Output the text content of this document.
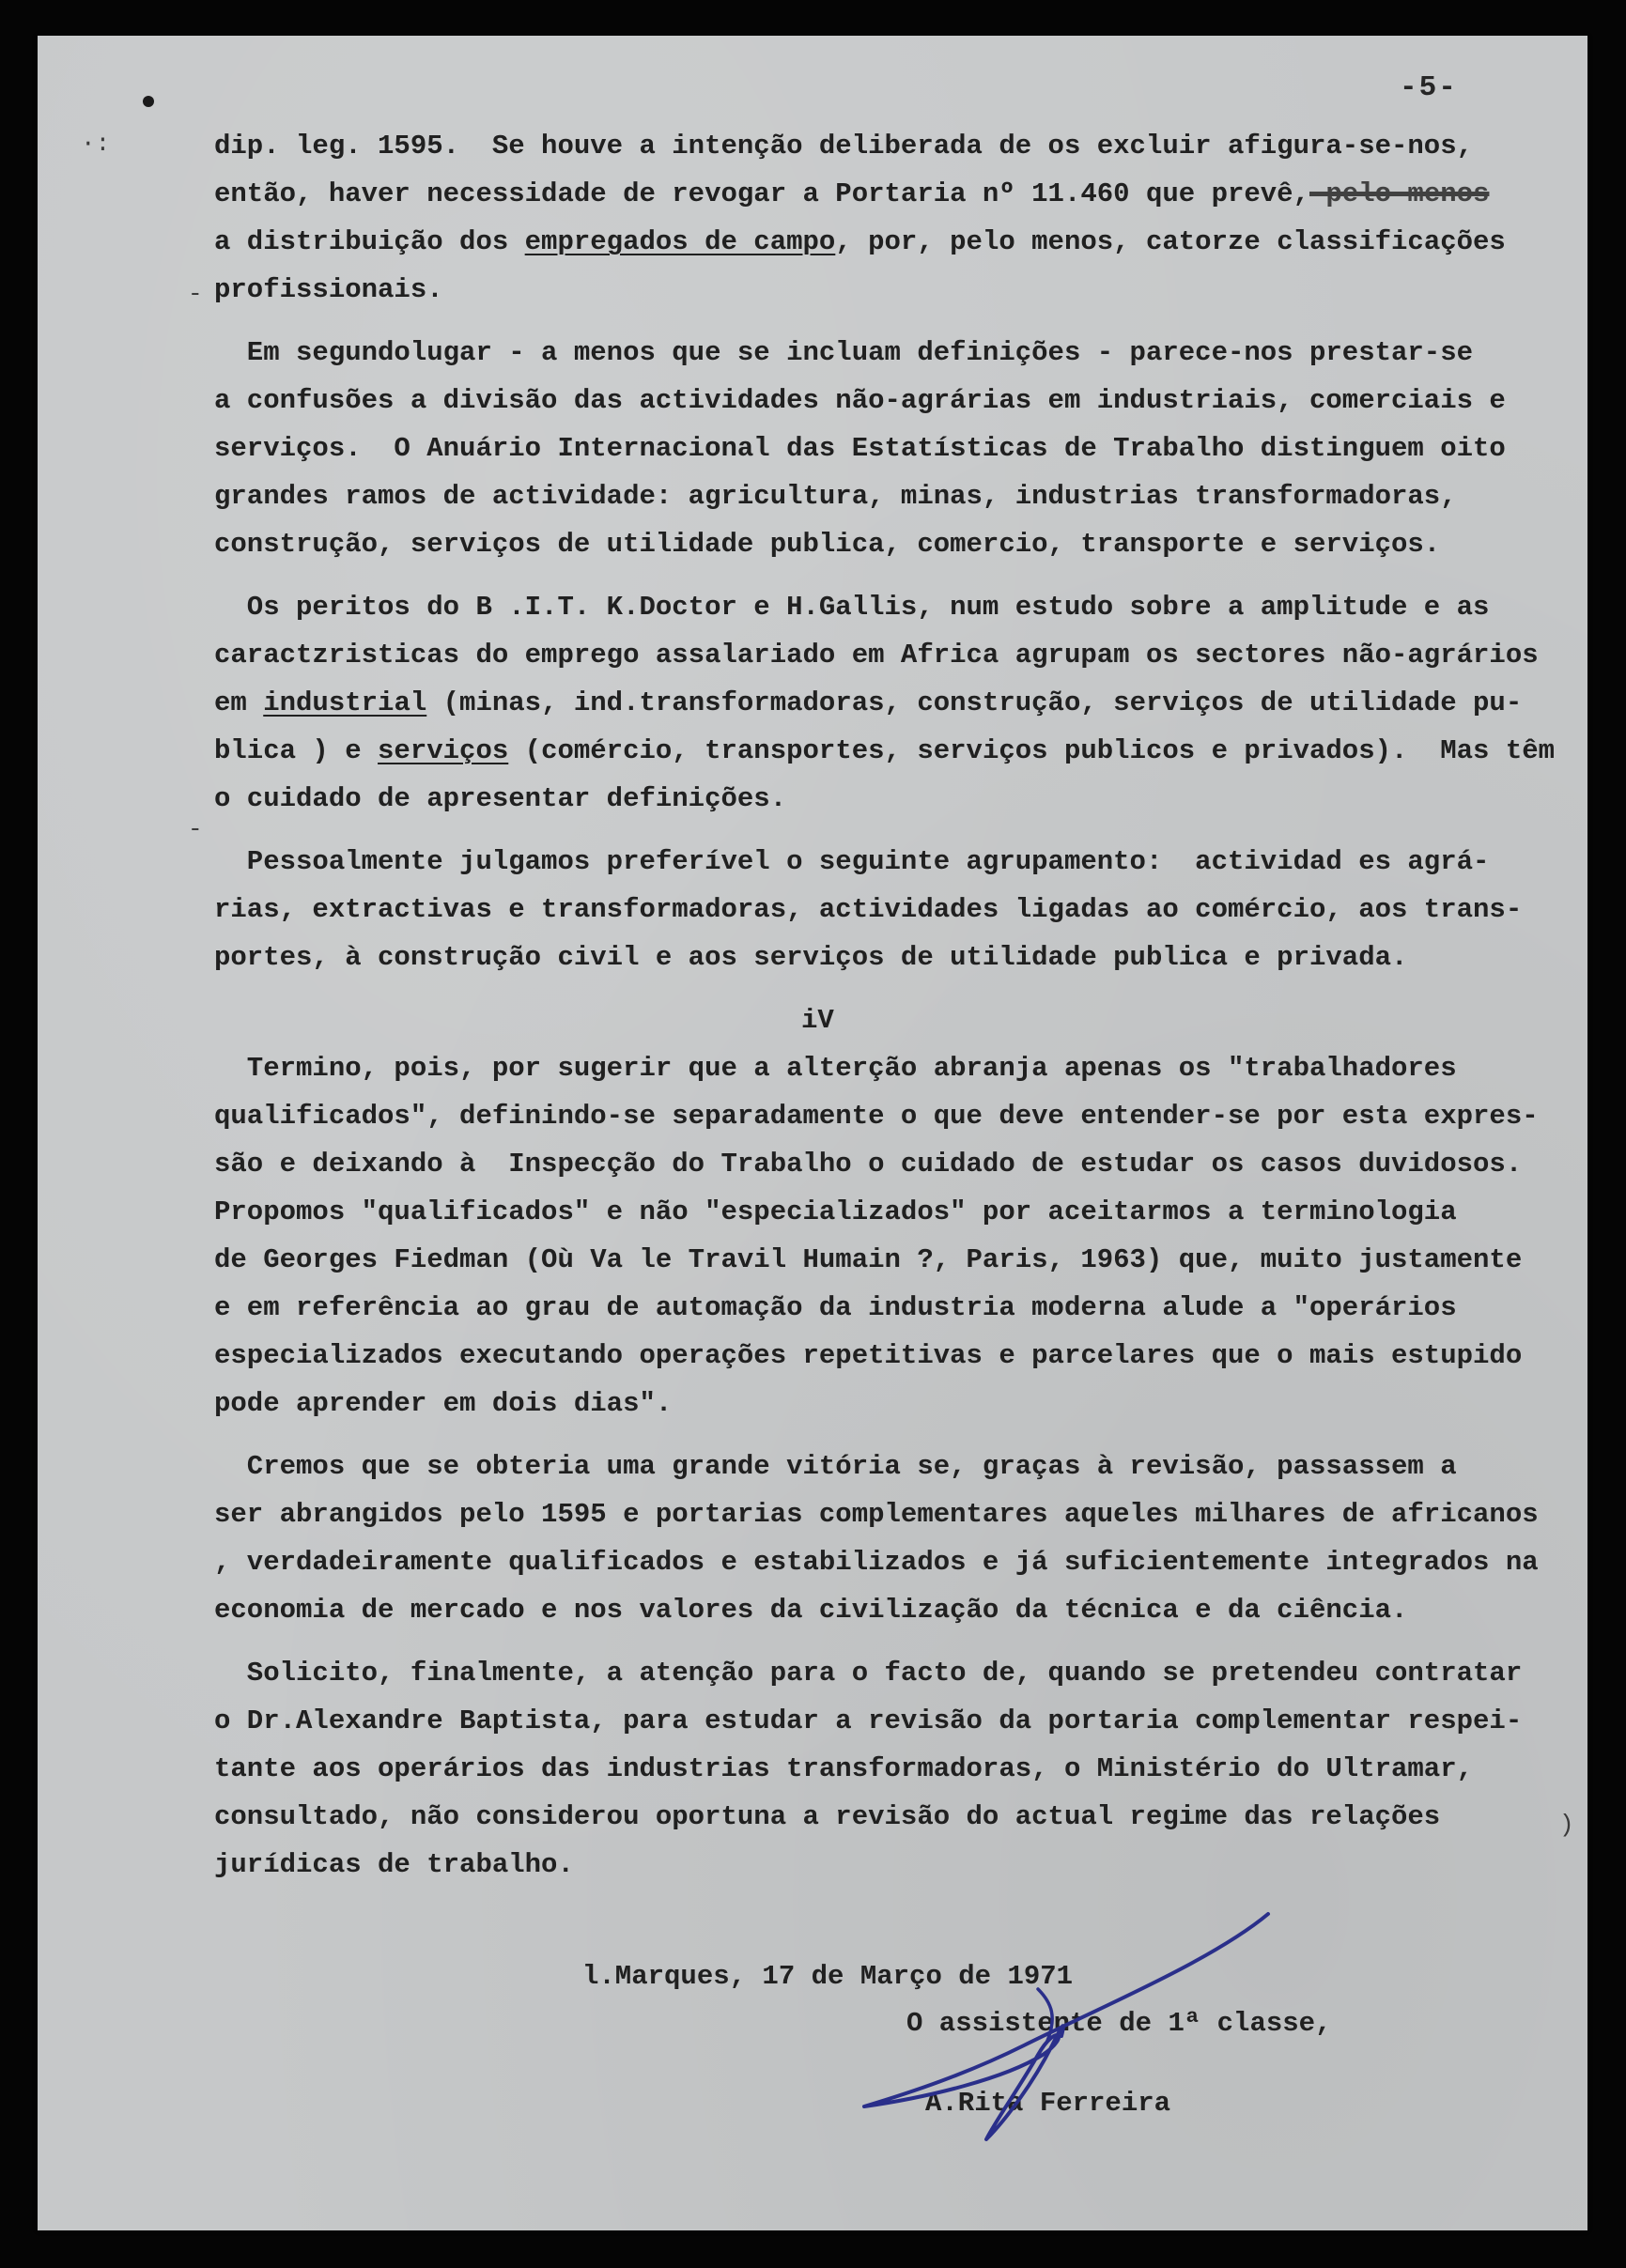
-5-
·:
-
-
)
dip. leg. 1595.  Se houve a intenção deliberada de os excluir afigura-se-nos,
então, haver necessidade de revogar a Portaria nº 11.460 que prevê, pelo menos
a distribuição dos empregados de campo, por, pelo menos, catorze classificações
profissionais.
Em segundolugar - a menos que se incluam definições - parece-nos prestar-se
a confusões a divisão das actividades não-agrárias em industriais, comerciais e
serviços.  O Anuário Internacional das Estatísticas de Trabalho distinguem oito
grandes ramos de actividade: agricultura, minas, industrias transformadoras,
construção, serviços de utilidade publica, comercio, transporte e serviços.
Os peritos do B .I.T. K.Doctor e H.Gallis, num estudo sobre a amplitude e as
caractzristicas do emprego assalariado em Africa agrupam os sectores não-agrários
em industrial (minas, ind.transformadoras, construção, serviços de utilidade pu-
blica ) e serviços (comércio, transportes, serviços publicos e privados).  Mas têm
o cuidado de apresentar definições.
Pessoalmente julgamos preferível o seguinte agrupamento:  actividad es agrá-
rias, extractivas e transformadoras, actividades ligadas ao comércio, aos trans-
portes, à construção civil e aos serviços de utilidade publica e privada.
iV
Termino, pois, por sugerir que a alterção abranja apenas os "trabalhadores
qualificados", definindo-se separadamente o que deve entender-se por esta expres-
são e deixando à  Inspecção do Trabalho o cuidado de estudar os casos duvidosos.
Propomos "qualificados" e não "especializados" por aceitarmos a terminologia
de Georges Fiedman (Où Va le Travil Humain ?, Paris, 1963) que, muito justamente
e em referência ao grau de automação da industria moderna alude a "operários
especializados executando operações repetitivas e parcelares que o mais estupido
pode aprender em dois dias".
Cremos que se obteria uma grande vitória se, graças à revisão, passassem a
ser abrangidos pelo 1595 e portarias complementares aqueles milhares de africanos
, verdadeiramente qualificados e estabilizados e já suficientemente integrados na
economia de mercado e nos valores da civilização da técnica e da ciência.
Solicito, finalmente, a atenção para o facto de, quando se pretendeu contratar
o Dr.Alexandre Baptista, para estudar a revisão da portaria complementar respei-
tante aos operários das industrias transformadoras, o Ministério do Ultramar,
consultado, não considerou oportuna a revisão do actual regime das relações
jurídicas de trabalho.
l.Marques, 17 de Março de 1971
O assistente de 1ª classe,
A.Rita Ferreira
